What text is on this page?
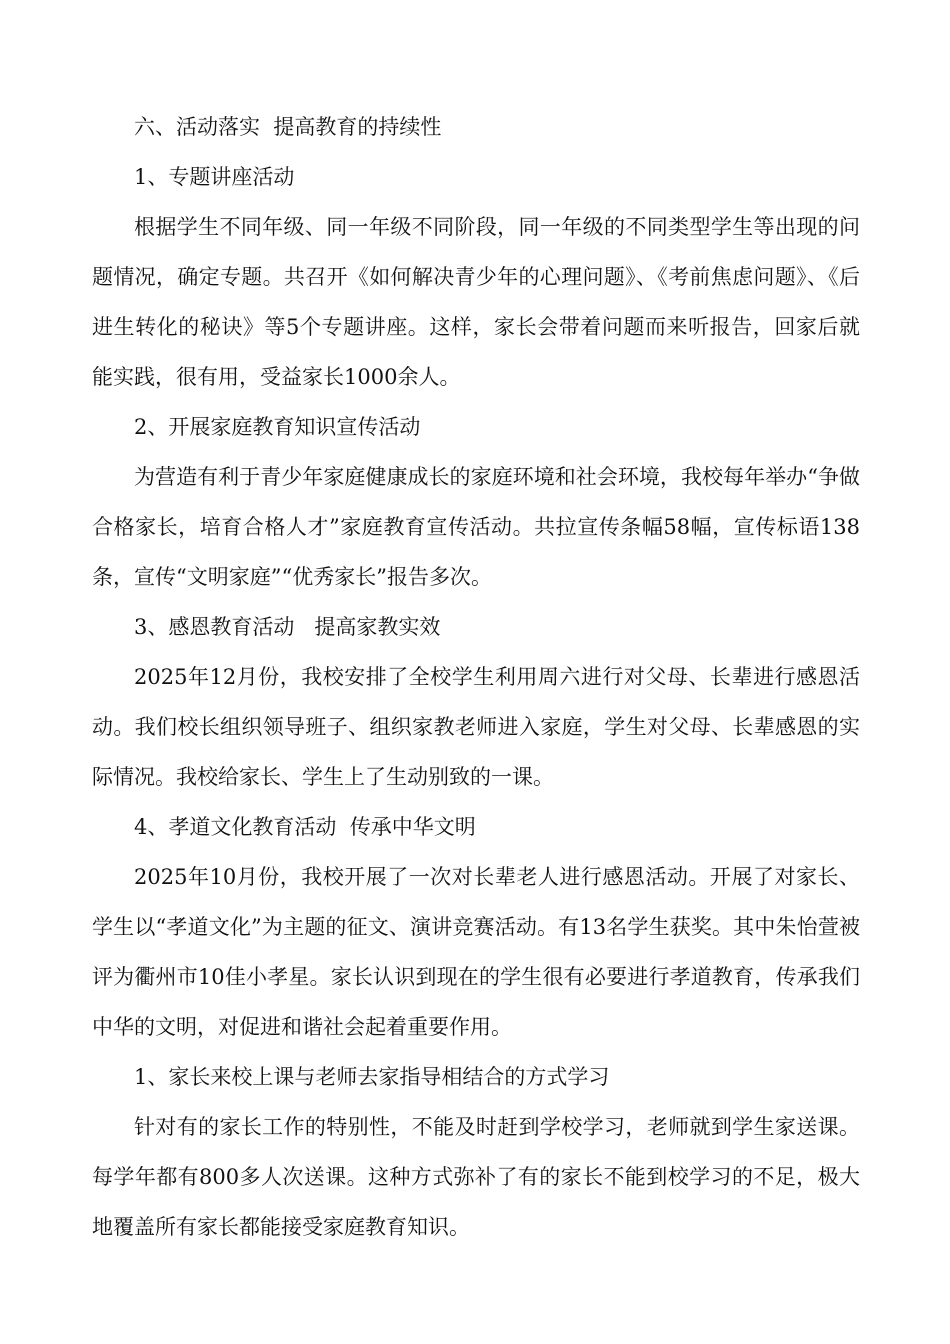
六、活动落实  提高教育的持续性

1、专题讲座活动

根据学生不同年级、同一年级不同阶段，同一年级的不同类型学生等出现的问题情况，确定专题。共召开《如何解决青少年的心理问题》、《考前焦虑问题》、《后进生转化的秘诀》等5个专题讲座。这样，家长会带着问题而来听报告，回家后就能实践，很有用，受益家长1000余人。

2、开展家庭教育知识宣传活动

为营造有利于青少年家庭健康成长的家庭环境和社会环境，我校每年举办“争做合格家长，培育合格人才”家庭教育宣传活动。共拉宣传条幅58幅，宣传标语138条，宣传“文明家庭”“优秀家长”报告多次。

3、感恩教育活动   提高家教实效

2025年12月份，我校安排了全校学生利用周六进行对父母、长辈进行感恩活动。我们校长组织领导班子、组织家教老师进入家庭，学生对父母、长辈感恩的实际情况。我校给家长、学生上了生动别致的一课。

4、孝道文化教育活动  传承中华文明

2025年10月份，我校开展了一次对长辈老人进行感恩活动。开展了对家长、学生以“孝道文化”为主题的征文、演讲竞赛活动。有13名学生获奖。其中朱怡萱被评为衢州市10佳小孝星。家长认识到现在的学生很有必要进行孝道教育，传承我们中华的文明，对促进和谐社会起着重要作用。

1、家长来校上课与老师去家指导相结合的方式学习

针对有的家长工作的特别性，不能及时赶到学校学习，老师就到学生家送课。每学年都有800多人次送课。这种方式弥补了有的家长不能到校学习的不足，极大地覆盖所有家长都能接受家庭教育知识。
